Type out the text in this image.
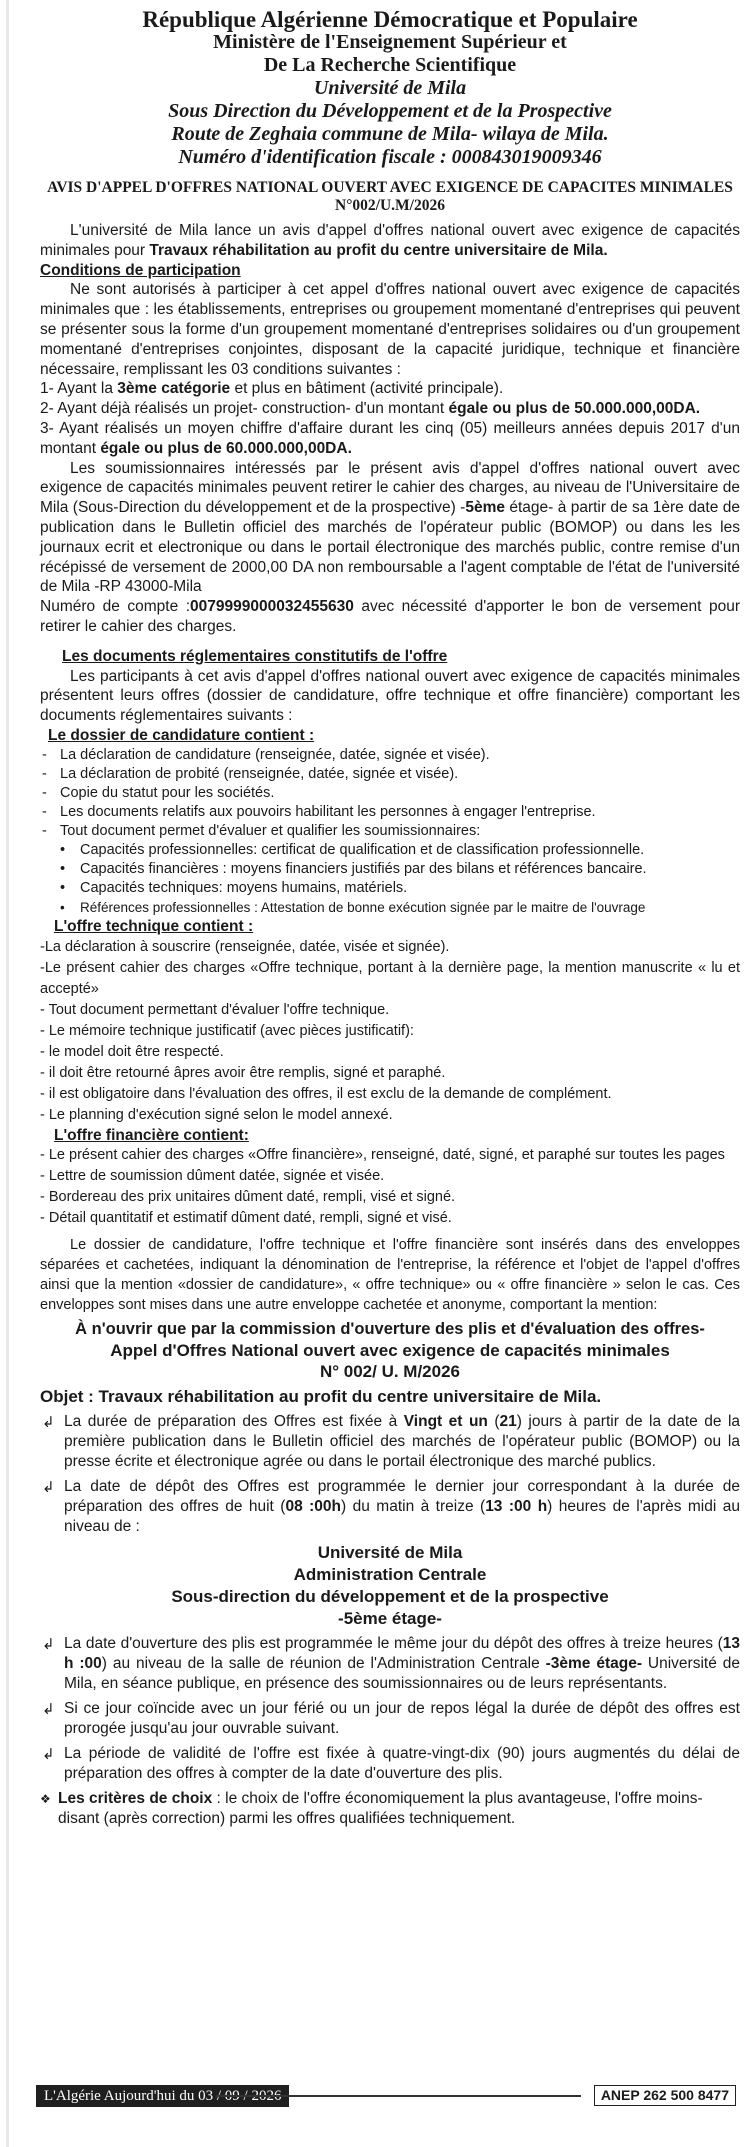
République Algérienne Démocratique et Populaire
Ministère de l'Enseignement Supérieur et
De La Recherche Scientifique
Université de Mila
Sous Direction du Développement et de la Prospective
Route de Zeghaia commune de Mila- wilaya de Mila.
Numéro d'identification fiscale : 000843019009346
AVIS D'APPEL D'OFFRES NATIONAL OUVERT AVEC EXIGENCE DE CAPACITES MINIMALES
N°002/U.M/2026

L'université de Mila lance un avis d'appel d'offres national ouvert avec exigence de capacités minimales pour Travaux réhabilitation au profit du centre universitaire de Mila.

Conditions de participation

Ne sont autorisés à participer à cet appel d'offres national ouvert avec exigence de capacités minimales que : les établissements, entreprises ou groupement momentané d'entreprises qui peuvent se présenter sous la forme d'un groupement momentané d'entreprises solidaires ou d'un groupement momentané d'entreprises conjointes, disposant de la capacité juridique, technique et financière nécessaire, remplissant les 03 conditions suivantes :

1- Ayant la 3ème catégorie et plus en bâtiment (activité principale).

2- Ayant déjà réalisés un projet- construction- d'un montant égale ou plus de 50.000.000,00DA.

3- Ayant réalisés un moyen chiffre d'affaire durant les cinq (05) meilleurs années depuis 2017 d'un montant égale ou plus de 60.000.000,00DA.

Les soumissionnaires intéressés par le présent avis d'appel d'offres national ouvert avec exigence de capacités minimales peuvent retirer le cahier des charges, au niveau de l'Universitaire de Mila (Sous-Direction du développement et de la prospective) -5ème étage- à partir de sa 1ère date de publication dans le Bulletin officiel des marchés de l'opérateur public (BOMOP) ou dans les les journaux ecrit et electronique ou dans le portail électronique des marchés public, contre remise d'un récépissé de versement de 2000,00 DA non remboursable a l'agent comptable de l'état de l'université de Mila -RP 43000-Mila

Numéro de compte :007999900003245563​0 avec nécessité d'apporter le bon de versement pour retirer le cahier des charges.

Les documents réglementaires constitutifs de l'offre

Les participants à cet avis d'appel d'offres national ouvert avec exigence de capacités minimales présentent leurs offres (dossier de candidature, offre technique et offre financière) comportant les documents réglementaires suivants :

Le dossier de candidature contient :

- La déclaration de candidature (renseignée, datée, signée et visée).
- La déclaration de probité (renseignée, datée, signée et visée).
- Copie du statut pour les sociétés.
- Les documents relatifs aux pouvoirs habilitant les personnes à engager l'entreprise.
- Tout document permet d'évaluer et qualifier les soumissionnaires:
• Capacités professionnelles: certificat de qualification et de classification professionnelle.
• Capacités financières : moyens financiers justifiés par des bilans et références bancaire.
• Capacités techniques: moyens humains, matériels.
• Références professionnelles : Attestation de bonne exécution signée par le maitre de l'ouvrage

L'offre technique contient :

-La déclaration à souscrire (renseignée, datée, visée et signée).
-Le présent cahier des charges «Offre technique, portant à la dernière page, la mention manuscrite « lu et accepté»
- Tout document permettant d'évaluer l'offre technique.
- Le mémoire technique justificatif (avec pièces justificatif):
- le model doit être respecté.
- il doit être retourné âpres avoir être remplis, signé et paraphé.
- il est obligatoire dans l'évaluation des offres, il est exclu de la demande de complément.
- Le planning d'exécution signé selon le model annexé.

L'offre financière contient:

- Le présent cahier des charges «Offre financière», renseigné, daté, signé, et paraphé sur toutes les pages
- Lettre de soumission dûment datée, signée et visée.
- Bordereau des prix unitaires dûment daté, rempli, visé et signé.
- Détail quantitatif et estimatif dûment daté, rempli, signé et visé.

Le dossier de candidature, l'offre technique et l'offre financière sont insérés dans des enveloppes séparées et cachetées, indiquant la dénomination de l'entreprise, la référence et l'objet de l'appel d'offres ainsi que la mention «dossier de candidature», « offre technique» ou « offre financière » selon le cas. Ces enveloppes sont mises dans une autre enveloppe cachetée et anonyme, comportant la mention:

À n'ouvrir que par la commission d'ouverture des plis et d'évaluation des offres-
Appel d'Offres National ouvert avec exigence de capacités minimales
N° 002/ U. M/2026
Objet : Travaux réhabilitation au profit du centre universitaire de Mila.
↲ La durée de préparation des Offres est fixée à Vingt et un (21) jours à partir de la date de la première publication dans le Bulletin officiel des marchés de l'opérateur public (BOMOP) ou la presse écrite et électronique agrée ou dans le portail électronique des marché publics.
↲ La date de dépôt des Offres est programmée le dernier jour correspondant à la durée de préparation des offres de huit (08 :00h) du matin à treize (13 :00 h) heures de l'après midi au niveau de :
Université de Mila
Administration Centrale
Sous-direction du développement et de la prospective
-5ème étage-
↲ La date d'ouverture des plis est programmée le même jour du dépôt des offres à treize heures (13 h :00) au niveau de la salle de réunion de l'Administration Centrale -3ème étage- Université de Mila, en séance publique, en présence des soumissionnaires ou de leurs représentants.
↲ Si ce jour coïncide avec un jour férié ou un jour de repos légal la durée de dépôt des offres est prorogée jusqu'au jour ouvrable suivant.
↲ La période de validité de l'offre est fixée à quatre-vingt-dix (90) jours augmentés du délai de préparation des offres à compter de la date d'ouverture des plis.
❖ Les critères de choix : le choix de l'offre économiquement la plus avantageuse, l'offre moins- disant (après correction) parmi les offres qualifiées techniquement.
L'Algérie Aujourd'hui du 03 / 09 / 2026	ANEP 262 500 8477
